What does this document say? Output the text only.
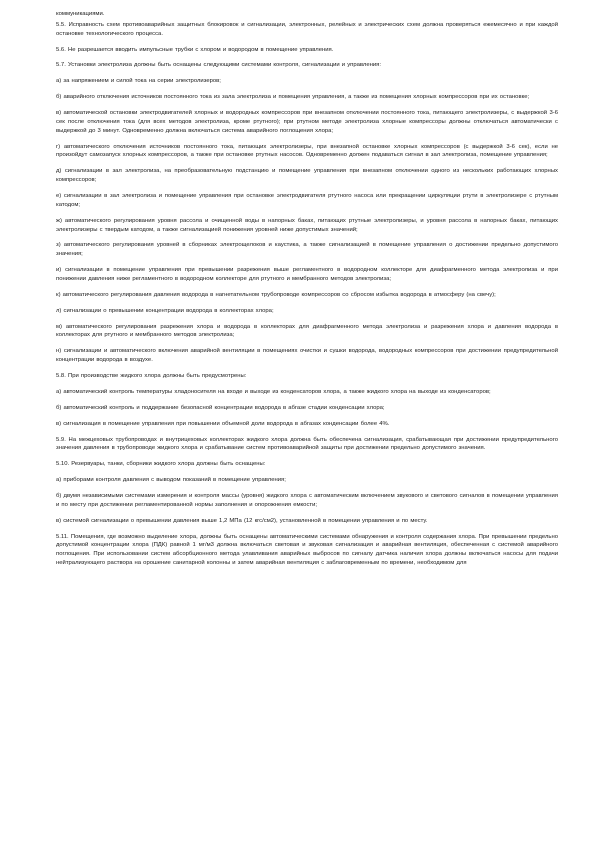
коммуникациями.

5.5. Исправность схем противоаварийных защитных блокировок и сигнализации, электронных, релейных и электрических схем должна проверяться ежемесячно и при каждой остановке технологического процесса.

5.6. Не разрешается вводить импульсные трубки с хлором и водородом в помещение управления.

5.7. Установки электролиза должны быть оснащены следующими системами контроля, сигнализации и управления:

а) за напряжением и силой тока на серии электролизеров;

б) аварийного отключения источников постоянного тока из зала электролиза и помещения управления, а также из помещения хлорных компрессоров при их остановке;

в) автоматической остановки электродвигателей хлорных и водородных компрессоров при внезапном отключении постоянного тока, питающего электролизеры, с выдержкой 3-6 сек после отключения тока (для всех методов электролиза, кроме ртутного); при ртутном методе электролиза хлорные компрессоры должны отключаться автоматически с выдержкой до 3 минут. Одновременно должна включаться система аварийного поглощения хлора;

г) автоматического отключения источников постоянного тока, питающих электролизеры, при внезапной остановке хлорных компрессоров (с выдержкой 3-6 сек), если не произойдут самозапуск хлорных компрессоров, а также при остановке ртутных насосов. Одновременно должен подаваться сигнал в зал электролиза, помещение управления;

д) сигнализации в зал электролиза, на преобразовательную подстанцию и помещение управления при внезапном отключении одного из нескольких работающих хлорных компрессоров;

е) сигнализации в зал электролиза и помещение управления при остановке электродвигателя ртутного насоса или прекращении циркуляции ртути в электролизере с ртутным катодом;

ж) автоматического регулирования уровня рассола и очищенной воды в напорных баках, питающих ртутные электролизеры, и уровня рассола в напорных баках, питающих электролизеры с твердым катодом, а также сигнализацией понижения уровней ниже допустимых значений;

з) автоматического регулирования уровней в сборниках электрощелоков и каустика, а также сигнализацией в помещение управления о достижении предельно допустимого значения;

и) сигнализации в помещение управления при превышении разрежения выше регламентного в водородном коллекторе для диафрагменного метода электролиза и при понижении давления ниже регламентного в водородном коллекторе для ртутного и мембранного методов электролиза;

к) автоматического регулирования давления водорода в нагнетательном трубопроводе компрессоров со сбросом избытка водорода в атмосферу (на свечу);

л) сигнализации о превышении концентрации водорода в коллекторах хлора;

м) автоматического регулирования разрежения хлора и водорода в коллекторах для диафрагменного метода электролиза и разрежения хлора и давления водорода в коллекторах для ртутного и мембранного методов электролиза;

н) сигнализации и автоматического включения аварийной вентиляции в помещениях очистки и сушки водорода, водородных компрессоров при достижении предупредительной концентрации водорода в воздухе.

5.8. При производстве жидкого хлора должны быть предусмотрены:

а) автоматический контроль температуры хладоносителя на входе и выходе из конденсаторов хлора, а также жидкого хлора на выходе из конденсаторов;

б) автоматический контроль и поддержание безопасной концентрации водорода в абгазе стадии конденсации хлора;

в) сигнализация в помещение управления при повышении объемной доли водорода в абгазах конденсации более 4%.

5.9. На межцеховых трубопроводах и внутрицеховых коллекторах жидкого хлора должна быть обеспечена сигнализация, срабатывающая при достижении предупредительного значения давления в трубопроводе жидкого хлора и срабатывание систем противоаварийной защиты при достижении предельно допустимого значения.

5.10. Резервуары, танки, сборники жидкого хлора должны быть оснащены:

а) приборами контроля давления с выводом показаний в помещение управления;

б) двумя независимыми системами измерения и контроля массы (уровня) жидкого хлора с автоматическим включением звукового и светового сигналов в помещении управления и по месту при достижении регламентированной нормы заполнения и опорожнения емкости;

в) системой сигнализации о превышении давления выше 1,2 МПа (12 кгс/см2), установленной в помещении управления и по месту.

5.11. Помещения, где возможно выделение хлора, должны быть оснащены автоматическими системами обнаружения и контроля содержания хлора. При превышении предельно допустимой концентрации хлора (ПДК) равной 1 мг/м3 должна включаться световая и звуковая сигнализация и аварийная вентиляция, обеспеченная с системой аварийного поглощения. При использовании систем абсорбционного метода улавливания аварийных выбросов по сигналу датчика наличия хлора должны включаться насосы для подачи нейтрализующего раствора на орошение санитарной колонны и затем аварийная вентиляция с заблаговременным по времени, необходимом для
